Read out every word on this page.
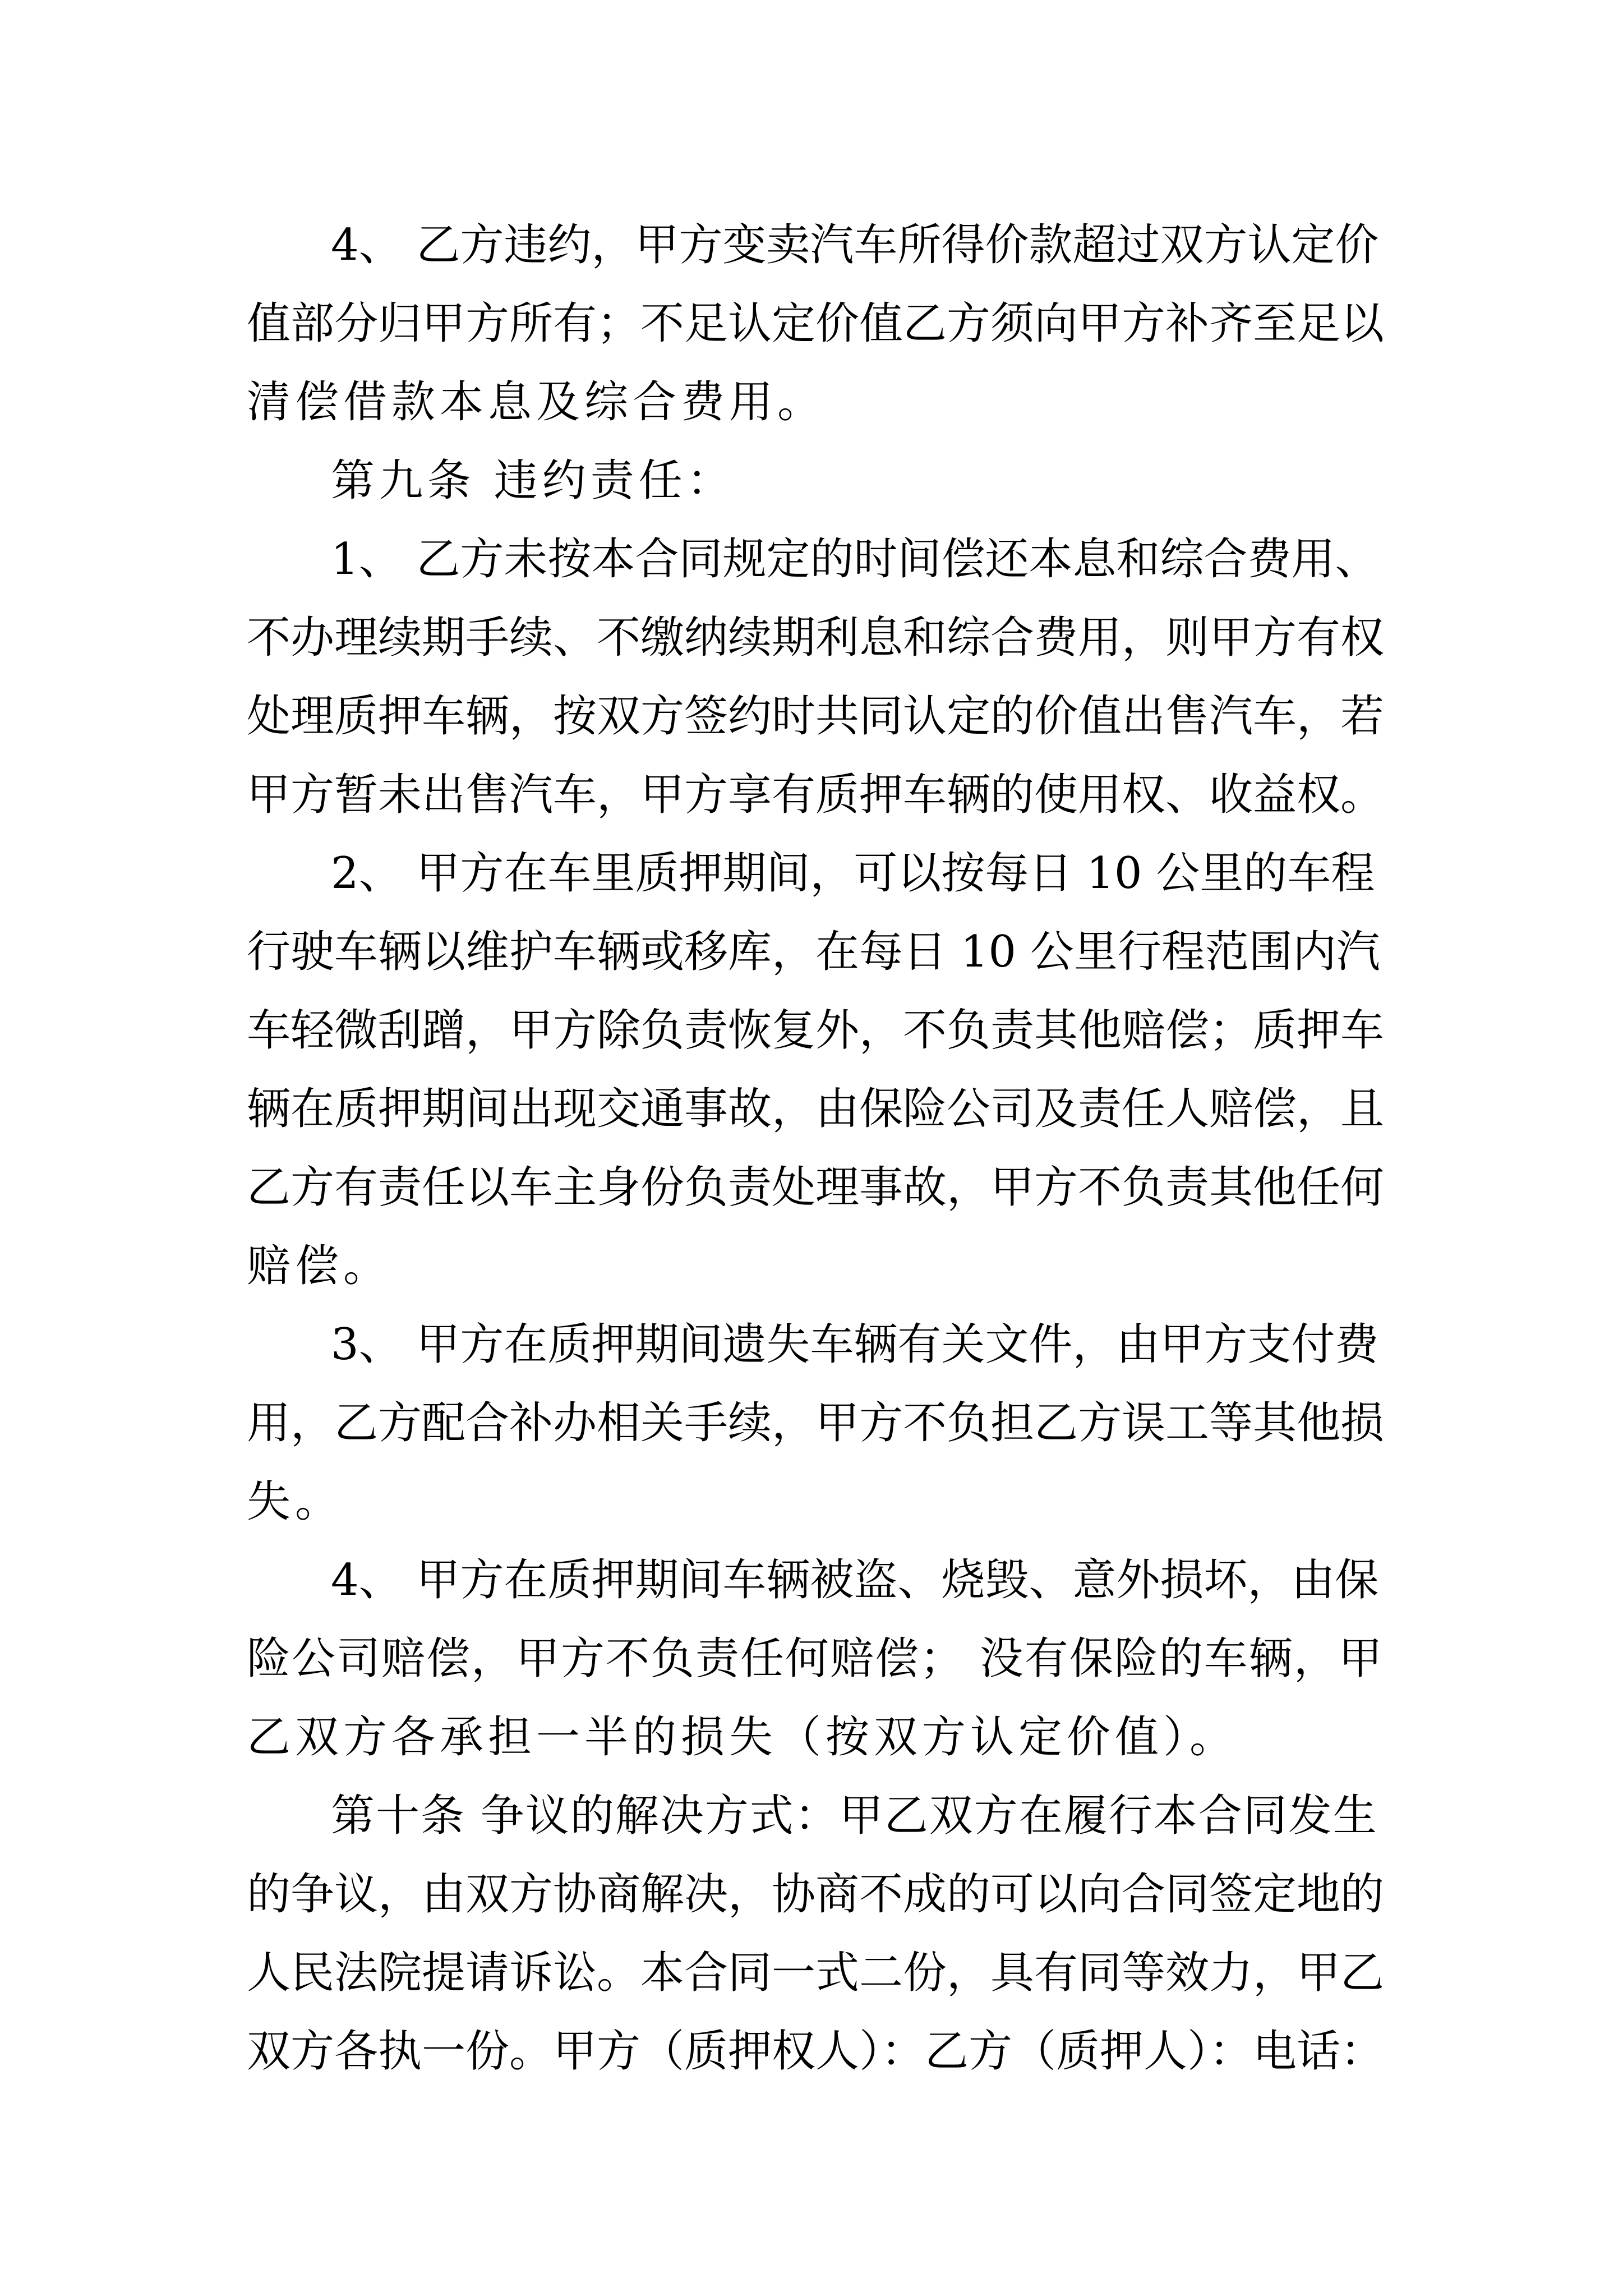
4、 乙方违约，甲方变卖汽车所得价款超过双方认定价
值部分归甲方所有；不足认定价值乙方须向甲方补齐至足以
清偿借款本息及综合费用。
第九条 违约责任：
1、 乙方未按本合同规定的时间偿还本息和综合费用、
不办理续期手续、不缴纳续期利息和综合费用，则甲方有权
处理质押车辆，按双方签约时共同认定的价值出售汽车，若
甲方暂未出售汽车，甲方享有质押车辆的使用权、收益权。
2、 甲方在车里质押期间，可以按每日 10 公里的车程
行驶车辆以维护车辆或移库，在每日 10 公里行程范围内汽
车轻微刮蹭，甲方除负责恢复外，不负责其他赔偿；质押车
辆在质押期间出现交通事故，由保险公司及责任人赔偿，且
乙方有责任以车主身份负责处理事故，甲方不负责其他任何
赔偿。
3、 甲方在质押期间遗失车辆有关文件，由甲方支付费
用，乙方配合补办相关手续，甲方不负担乙方误工等其他损
失。
4、 甲方在质押期间车辆被盗、烧毁、意外损坏，由保
险公司赔偿，甲方不负责任何赔偿； 没有保险的车辆，甲
乙双方各承担一半的损失（按双方认定价值）。
第十条 争议的解决方式：甲乙双方在履行本合同发生
的争议，由双方协商解决，协商不成的可以向合同签定地的
人民法院提请诉讼。本合同一式二份，具有同等效力，甲乙
双方各执一份。甲方（质押权人）：乙方（质押人）：电话：
